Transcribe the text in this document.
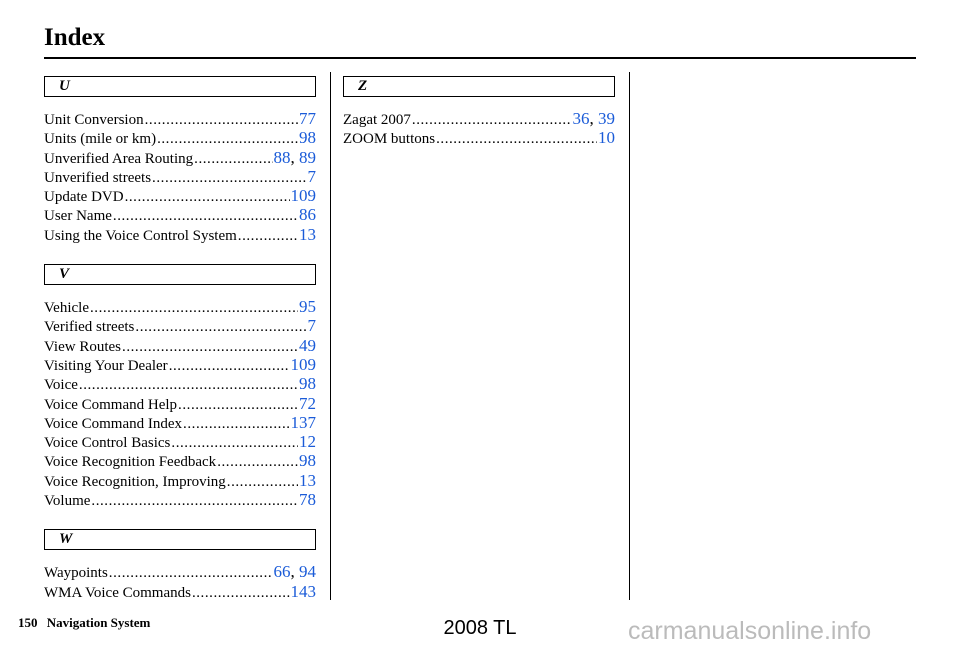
Index
U
Unit Conversion . . .	77
Units (mile or km) . . .	98
Unverified Area Routing . . .	88, 89
Unverified streets . . .	7
Update DVD . . .	109
User Name . . .	86
Using the Voice Control System . . .	13
V
Vehicle . . .	95
Verified streets . . .	7
View Routes . . .	49
Visiting Your Dealer . . .	109
Voice . . .	98
Voice Command Help . . .	72
Voice Command Index . . .	137
Voice Control Basics . . .	12
Voice Recognition Feedback . . .	98
Voice Recognition, Improving . . .	13
Volume . . .	78
W
Waypoints . . .	66, 94
WMA Voice Commands . . .	143
Z
Zagat 2007 . . .	36, 39
ZOOM buttons . . .	10
150 Navigation System	2008 TL	carmanualsonline.info
